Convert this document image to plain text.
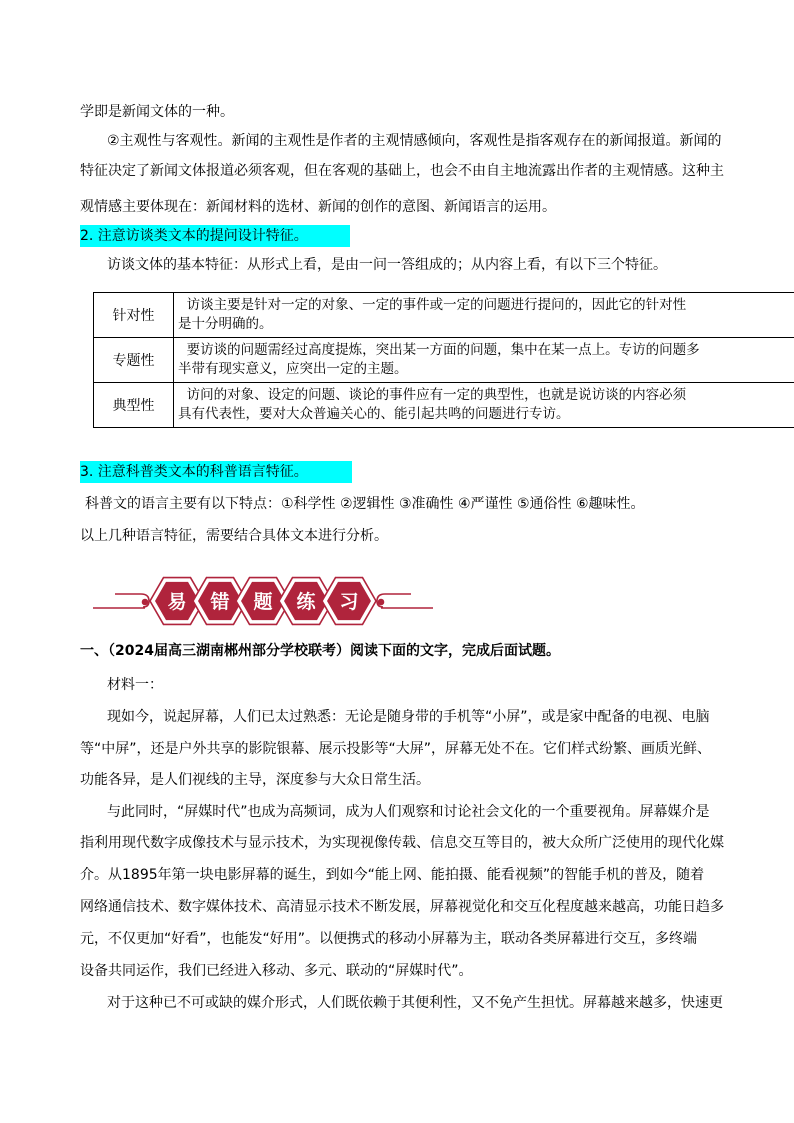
学即是新闻文体的一种。
②主观性与客观性。新闻的主观性是作者的主观情感倾向，客观性是指客观存在的新闻报道。新闻的
特征决定了新闻文体报道必须客观，但在客观的基础上，也会不由自主地流露出作者的主观情感。这种主
观情感主要体现在：新闻材料的选材、新闻的创作的意图、新闻语言的运用。
2. 注意访谈类文本的提问设计特征。
访谈文体的基本特征：从形式上看，是由一问一答组成的；从内容上看，有以下三个特征。
针对性	访谈主要是针对一定的对象、一定的事件或一定的问题进行提问的，因此它的针对性
是十分明确的。
专题性	要访谈的问题需经过高度提炼，突出某一方面的问题，集中在某一点上。专访的问题多
半带有现实意义，应突出一定的主题。
典型性	访问的对象、设定的问题、谈论的事件应有一定的典型性，也就是说访谈的内容必须
具有代表性，要对大众普遍关心的、能引起共鸣的问题进行专访。
3. 注意科普类文本的科普语言特征。
科普文的语言主要有以下特点：①科学性 ②逻辑性 ③准确性 ④严谨性 ⑤通俗性 ⑥趣味性。
以上几种语言特征，需要结合具体文本进行分析。
易 错 题 练 习
一、（2024届高三湖南郴州部分学校联考）阅读下面的文字，完成后面试题。
材料一：
现如今，说起屏幕，人们已太过熟悉：无论是随身带的手机等“小屏”，或是家中配备的电视、电脑
等“中屏”，还是户外共享的影院银幕、展示投影等“大屏”，屏幕无处不在。它们样式纷繁、画质光鲜、
功能各异，是人们视线的主导，深度参与大众日常生活。
与此同时，“屏媒时代”也成为高频词，成为人们观察和讨论社会文化的一个重要视角。屏幕媒介是
指利用现代数字成像技术与显示技术，为实现视像传载、信息交互等目的，被大众所广泛使用的现代化媒
介。从1895年第一块电影屏幕的诞生，到如今“能上网、能拍摄、能看视频”的智能手机的普及，随着
网络通信技术、数字媒体技术、高清显示技术不断发展，屏幕视觉化和交互化程度越来越高，功能日趋多
元，不仅更加“好看”，也能发“好用”。以便携式的移动小屏幕为主，联动各类屏幕进行交互，多终端
设备共同运作，我们已经进入移动、多元、联动的“屏媒时代”。
对于这种已不可或缺的媒介形式，人们既依赖于其便利性，又不免产生担忧。屏幕越来越多，快速更
